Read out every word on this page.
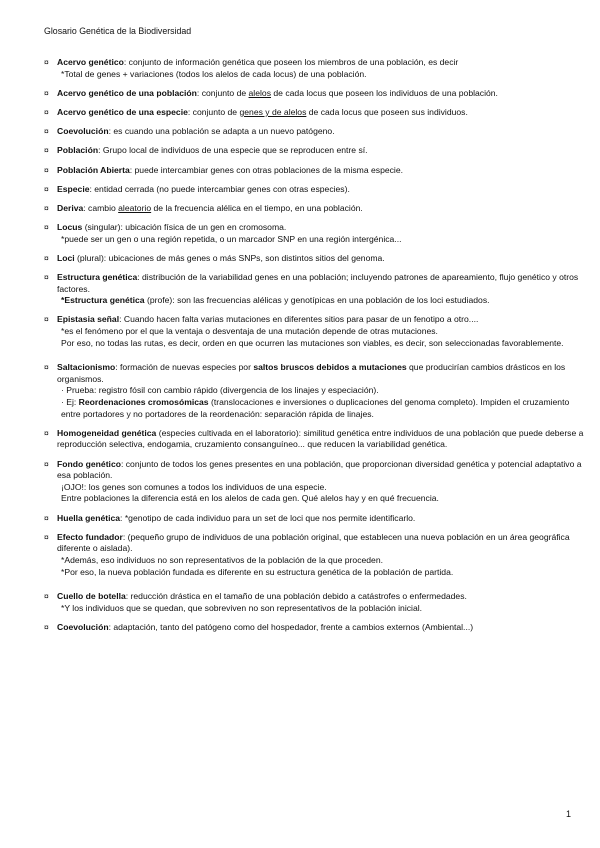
Glosario Genética de la Biodiversidad
¤ Acervo genético: conjunto de información genética que poseen los miembros de una población, es decir
*Total de genes + variaciones (todos los alelos de cada locus) de una población.
¤ Acervo genético de una población: conjunto de alelos de cada locus que poseen los individuos de una población.
¤ Acervo genético de una especie: conjunto de genes y de alelos de cada locus que poseen sus individuos.
¤ Coevolución: es cuando una población se adapta a un nuevo patógeno.
¤ Población: Grupo local de individuos de una especie que se reproducen entre sí.
¤ Población Abierta: puede intercambiar genes con otras poblaciones de la misma especie.
¤ Especie: entidad cerrada (no puede intercambiar genes con otras especies).
¤ Deriva: cambio aleatorio de la frecuencia alélica en el tiempo, en una población.
¤ Locus (singular): ubicación física de un gen en cromosoma.
*puede ser un gen o una región repetida, o un marcador SNP en una región intergénica...
¤ Loci (plural): ubicaciones de más genes o más SNPs, son distintos sitios del genoma.
¤ Estructura genética: distribución de la variabilidad genes en una población; incluyendo patrones de apareamiento, flujo genético y otros factores.
*Estructura genética (profe): son las frecuencias alélicas y genotípicas en una población de los loci estudiados.
¤ Epistasia señal: Cuando hacen falta varias mutaciones en diferentes sitios para pasar de un fenotipo a otro....
*es el fenómeno por el que la ventaja o desventaja de una mutación depende de otras mutaciones.
Por eso, no todas las rutas, es decir, orden en que ocurren las mutaciones son viables, es decir, son seleccionadas favorablemente.
¤ Saltacionismo: formación de nuevas especies por saltos bruscos debidos a mutaciones que producirían cambios drásticos en los organismos.
· Prueba: registro fósil con cambio rápido (divergencia de los linajes y especiación).
· Ej: Reordenaciones cromosómicas (translocaciones e inversiones o duplicaciones del genoma completo). Impiden el cruzamiento entre portadores y no portadores de la reordenación: separación rápida de linajes.
¤ Homogeneidad genética (especies cultivada en el laboratorio): similitud genética entre individuos de una población que puede deberse a reproducción selectiva, endogamia, cruzamiento consanguíneo... que reducen la variabilidad genética.
¤ Fondo genético: conjunto de todos los genes presentes en una población, que proporcionan diversidad genética y potencial adaptativo a esa población.
¡OJO!: los genes son comunes a todos los individuos de una especie.
Entre poblaciones la diferencia está en los alelos de cada gen. Qué alelos hay y en qué frecuencia.
¤ Huella genética: *genotipo de cada individuo para un set de loci que nos permite identificarlo.
¤ Efecto fundador: (pequeño grupo de individuos de una población original, que establecen una nueva población en un área geográfica diferente o aislada).
*Además, eso individuos no son representativos de la población de la que proceden.
*Por eso, la nueva población fundada es diferente en su estructura genética de la población de partida.
¤ Cuello de botella: reducción drástica en el tamaño de una población debido a catástrofes o enfermedades.
*Y los individuos que se quedan, que sobreviven no son representativos de la población inicial.
¤ Coevolución: adaptación, tanto del patógeno como del hospedador, frente a cambios externos (Ambiental...)
1
